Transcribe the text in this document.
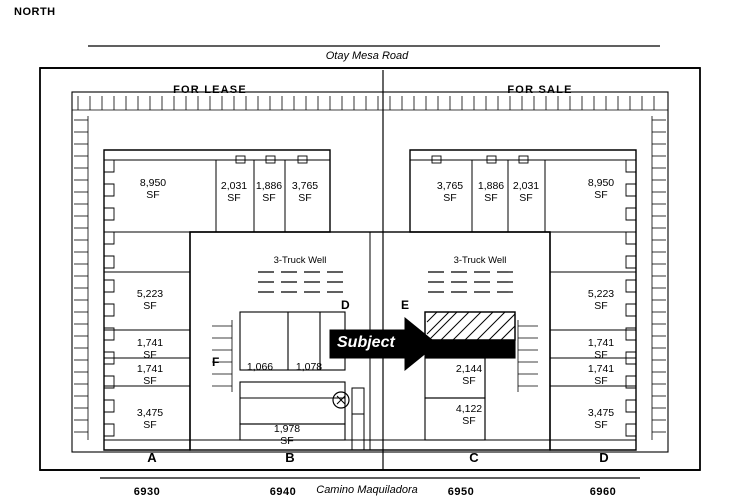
NORTH
Otay Mesa Road
Camino Maquiladora
FOR LEASE	FOR SALE
3-Truck Well	3-Truck Well
D	E
F
Subject
A	B	C	D
6930	6940	6950	6960
8,950
SF
2,031
SF
1,886
SF
3,765
SF
3,765
SF
1,886
SF
2,031
SF
8,950
SF
5,223
SF
5,223
SF
1,741
SF
1,741
SF
1,741
SF
1,741
SF
3,475
SF
3,475
SF
1,066	1,078
1,978
SF
2,144
SF
4,122
SF
